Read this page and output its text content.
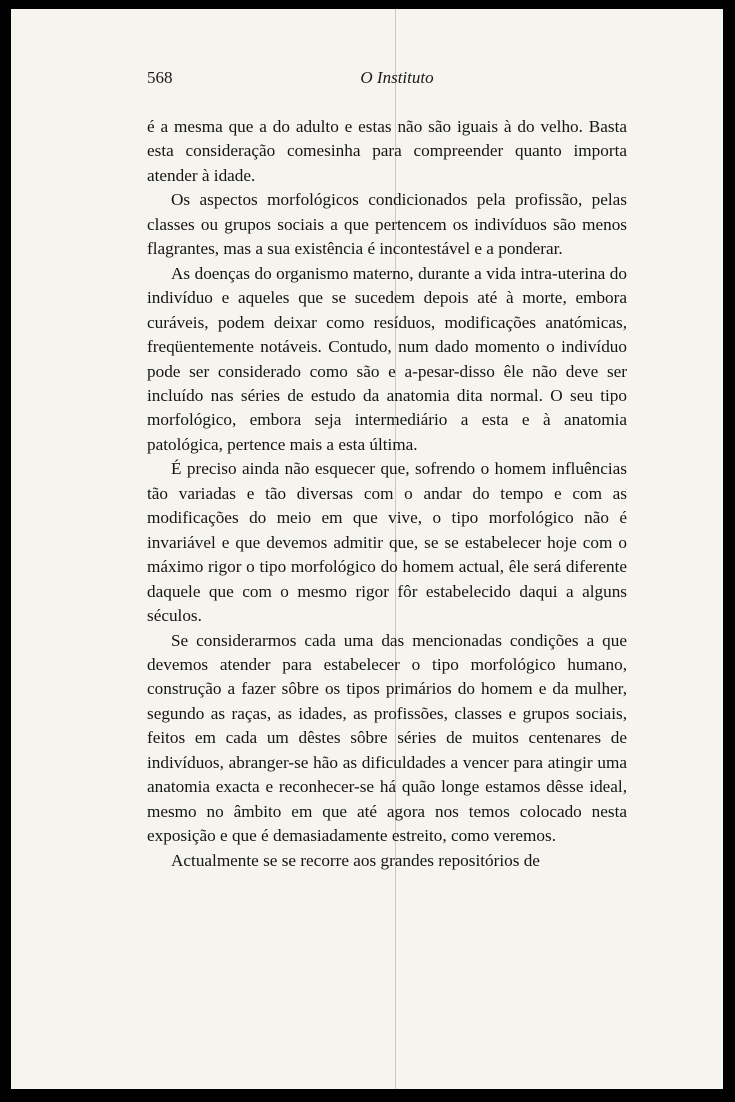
568	O Instituto

é a mesma que a do adulto e estas não são iguais à do velho. Basta esta consideração comesinha para compreender quanto importa atender à idade.

Os aspectos morfológicos condicionados pela profissão, pelas classes ou grupos sociais a que pertencem os indivíduos são menos flagrantes, mas a sua existência é incontestável e a ponderar.

As doenças do organismo materno, durante a vida intra-uterina do indivíduo e aqueles que se sucedem depois até à morte, embora curáveis, podem deixar como resíduos, modificações anatómicas, freqüentemente notáveis. Contudo, num dado momento o indivíduo pode ser considerado como são e a-pesar-disso êle não deve ser incluído nas séries de estudo da anatomia dita normal. O seu tipo morfológico, embora seja intermediário a esta e à anatomia patológica, pertence mais a esta última.

É preciso ainda não esquecer que, sofrendo o homem influências tão variadas e tão diversas com o andar do tempo e com as modificações do meio em que vive, o tipo morfológico não é invariável e que devemos admitir que, se se estabelecer hoje com o máximo rigor o tipo morfológico do homem actual, êle será diferente daquele que com o mesmo rigor fôr estabelecido daqui a alguns séculos.

Se considerarmos cada uma das mencionadas condições a que devemos atender para estabelecer o tipo morfológico humano, construção a fazer sôbre os tipos primários do homem e da mulher, segundo as raças, as idades, as profissões, classes e grupos sociais, feitos em cada um dêstes sôbre séries de muitos centenares de indivíduos, abranger-se hão as dificuldades a vencer para atingir uma anatomia exacta e reconhecer-se há quão longe estamos dêsse ideal, mesmo no âmbito em que até agora nos temos colocado nesta exposição e que é demasiadamente estreito, como veremos.

Actualmente se se recorre aos grandes repositórios de
